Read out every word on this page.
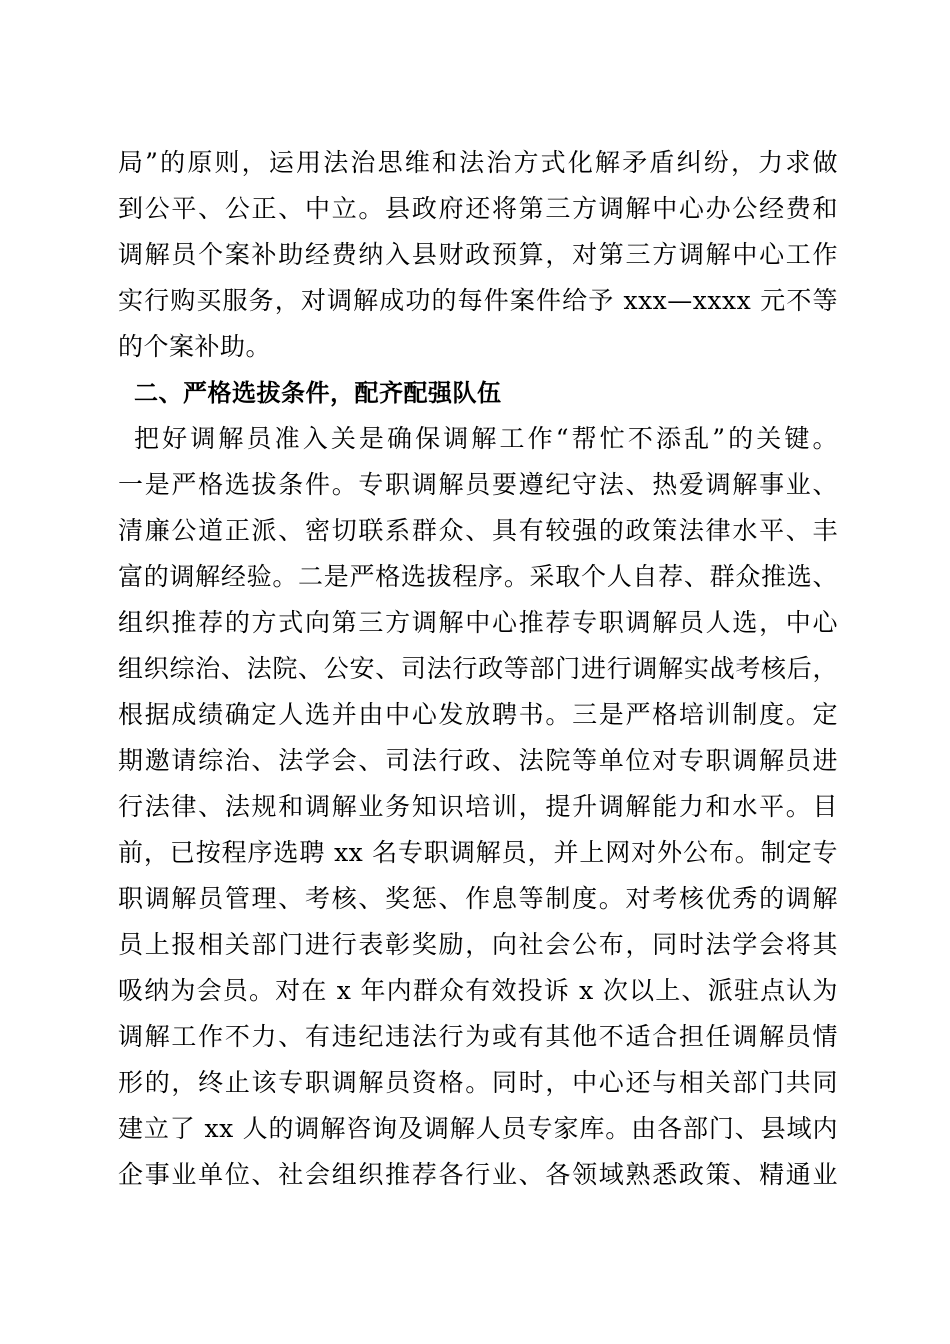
局”的原则，运用法治思维和法治方式化解矛盾纠纷，力求做
到公平、公正、中立。县政府还将第三方调解中心办公经费和
调解员个案补助经费纳入县财政预算，对第三方调解中心工作
实行购买服务，对调解成功的每件案件给予 xxx—xxxx 元不等
的个案补助。
二、严格选拔条件，配齐配强队伍
把好调解员准入关是确保调解工作“帮忙不添乱”的关键。
一是严格选拔条件。专职调解员要遵纪守法、热爱调解事业、
清廉公道正派、密切联系群众、具有较强的政策法律水平、丰
富的调解经验。二是严格选拔程序。采取个人自荐、群众推选、
组织推荐的方式向第三方调解中心推荐专职调解员人选，中心
组织综治、法院、公安、司法行政等部门进行调解实战考核后，
根据成绩确定人选并由中心发放聘书。三是严格培训制度。定
期邀请综治、法学会、司法行政、法院等单位对专职调解员进
行法律、法规和调解业务知识培训，提升调解能力和水平。目
前，已按程序选聘 xx 名专职调解员，并上网对外公布。制定专
职调解员管理、考核、奖惩、作息等制度。对考核优秀的调解
员上报相关部门进行表彰奖励，向社会公布，同时法学会将其
吸纳为会员。对在 x 年内群众有效投诉 x 次以上、派驻点认为
调解工作不力、有违纪违法行为或有其他不适合担任调解员情
形的，终止该专职调解员资格。同时，中心还与相关部门共同
建立了 xx 人的调解咨询及调解人员专家库。由各部门、县域内
企事业单位、社会组织推荐各行业、各领域熟悉政策、精通业
